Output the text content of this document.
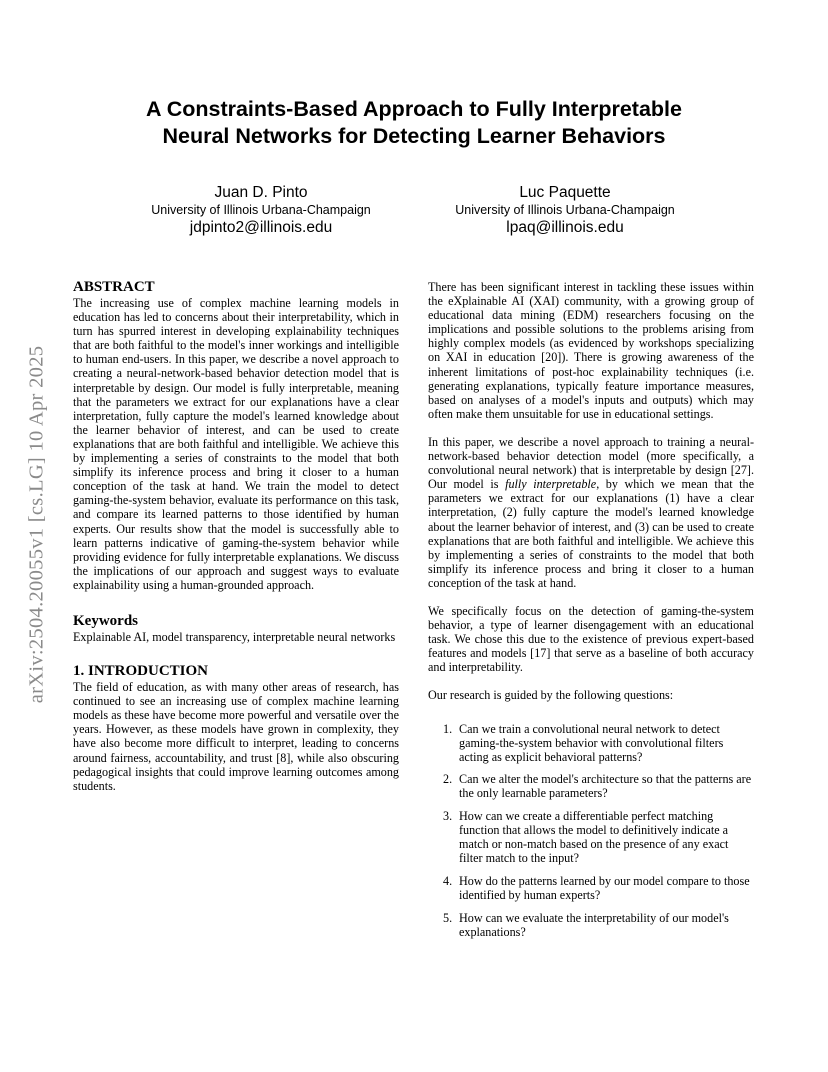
arXiv:2504.20055v1 [cs.LG] 10 Apr 2025
A Constraints-Based Approach to Fully Interpretable
Neural Networks for Detecting Learner Behaviors
Juan D. Pinto
University of Illinois Urbana-Champaign
jdpinto2@illinois.edu
Luc Paquette
University of Illinois Urbana-Champaign
lpaq@illinois.edu
ABSTRACT

The increasing use of complex machine learning models in education has led to concerns about their interpretability, which in turn has spurred interest in developing explainability techniques that are both faithful to the model's inner workings and intelligible to human end-users. In this paper, we describe a novel approach to creating a neural-network-based behavior detection model that is interpretable by design. Our model is fully interpretable, meaning that the parameters we extract for our explanations have a clear interpretation, fully capture the model's learned knowledge about the learner behavior of interest, and can be used to create explanations that are both faithful and intelligible. We achieve this by implementing a series of constraints to the model that both simplify its inference process and bring it closer to a human conception of the task at hand. We train the model to detect gaming-the-system behavior, evaluate its performance on this task, and compare its learned patterns to those identified by human experts. Our results show that the model is successfully able to learn patterns indicative of gaming-the-system behavior while providing evidence for fully interpretable explanations. We discuss the implications of our approach and suggest ways to evaluate explainability using a human-grounded approach.

Keywords

Explainable AI, model transparency, interpretable neural networks

1. INTRODUCTION

The field of education, as with many other areas of research, has continued to see an increasing use of complex machine learning models as these have become more powerful and versatile over the years. However, as these models have grown in complexity, they have also become more difficult to interpret, leading to concerns around fairness, accountability, and trust [8], while also obscuring pedagogical insights that could improve learning outcomes among students.

There has been significant interest in tackling these issues within the eXplainable AI (XAI) community, with a growing group of educational data mining (EDM) researchers focusing on the implications and possible solutions to the problems arising from highly complex models (as evidenced by workshops specializing on XAI in education [20]). There is growing awareness of the inherent limitations of post-hoc explainability techniques (i.e. generating explanations, typically feature importance measures, based on analyses of a model's inputs and outputs) which may often make them unsuitable for use in educational settings.

In this paper, we describe a novel approach to training a neural-network-based behavior detection model (more specifically, a convolutional neural network) that is interpretable by design [27]. Our model is fully interpretable, by which we mean that the parameters we extract for our explanations (1) have a clear interpretation, (2) fully capture the model's learned knowledge about the learner behavior of interest, and (3) can be used to create explanations that are both faithful and intelligible. We achieve this by implementing a series of constraints to the model that both simplify its inference process and bring it closer to a human conception of the task at hand.

We specifically focus on the detection of gaming-the-system behavior, a type of learner disengagement with an educational task. We chose this due to the existence of previous expert-based features and models [17] that serve as a baseline of both accuracy and interpretability.

Our research is guided by the following questions:

1. Can we train a convolutional neural network to detect gaming-the-system behavior with convolutional filters acting as explicit behavioral patterns?
2. Can we alter the model's architecture so that the patterns are the only learnable parameters?
3. How can we create a differentiable perfect matching function that allows the model to definitively indicate a match or non-match based on the presence of any exact filter match to the input?
4. How do the patterns learned by our model compare to those identified by human experts?
5. How can we evaluate the interpretability of our model's explanations?
